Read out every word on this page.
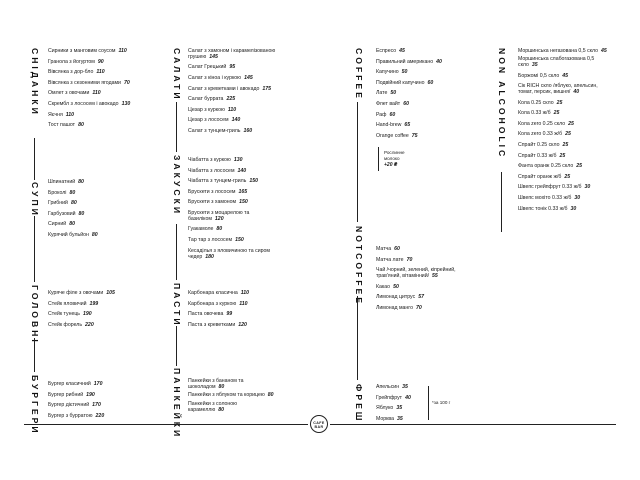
СНІДАНКИ
СУПИ
ГОЛОВНІ
БУРГЕРИ
Сирники з манговим соусом 110
Гранола з йогуртом 90
Вівсянка з дор-бло 110
Вівсянка з сезонними ягодами 70
Омлет з овочами 110
Скрембл з лососем і авокадо 130
Яєчня 110
Тост пашот 80
Шпинатний 80
Броколі 80
Грибний 80
Гарбузовий 80
Сирний 80
Курячий бульйон 80
Куряче філе з овочами 105
Стейк яловичий 199
Стейк тунець 190
Стейк форель 220
Бургер класичний 170
Бургер рибний 190
Бургер дієтичний 170
Бургер з бурратою 220
САЛАТИ
ЗАКУСКИ
ПАСТИ
ПАНКЕЙКИ
Салат з хамоном і карамелізованою грушею 145
Салат Грецький 95
Салат з кіноа і куркою 145
Салат з креветками і авокадо 175
Салат буррата 225
Цезар з куркою 110
Цезар з лососем 140
Салат з тунцем-гриль 160
Чіабатта з куркою 130
Чіабатта з лососем 140
Чіабатта з тунцем-гриль 150
Брускети з лососем 165
Брускети з хамоном 150
Брускети з моцарелою та базиліком 120
Гуакамоле 80
Тар тар з лососем 150
Кесаділья з яловичиною та сиром чедер 180
Карбонара класична 110
Карбонара з куркою 110
Паста овочева 99
Паста з креветками 120
Панкейки з бананом та шоколадом 80
Панкейки з яблуком та корицею 80
Панкейки з солоною карамеллю 80
COFFEE
NOTCOFFEE
ФРЕШ
Еспресо 45
Правильний американо 40
Капучино 50
Подвійний капучино 60
Лате 50
Флет вайт 60
Раф 60
Hand-brew 65
Orange coffee 75
Рослинне молоко
+20 ₴
Матча 60
Матча лате 70
Чай /чорний, зелений, кіпрейний, трав'яний, вітамінний/ 55
Какао 50
Лимонад цитрус 57
Лимонад манго 70
Апельсин 35
Грейпфрут 40
Яблуко 35
Морква 35
*за 100 г
NON ALCOHOLIC Моршинська негазована 0,5 скло 45
Моршинська слабогазована 0,5 скло 35
Боржомі 0,5 скло 45
Сік RICH скло /яблуко, апельсин, томат, персик, вишня/ 40
Кола 0.25 скло 25
Кола 0.33 ж/б 25
Кола zero 0.25 скло 25
Кола zero 0.33 ж/б 25
Спрайт 0.25 скло 25
Спрайт 0.33 ж/б 25
Фанта оранж 0.25 скло 25
Спрайт оранж ж/б 25
Швепс грейпфрут 0.33 ж/б 30
Швепс мохіто 0.33 ж/б 30
Швепс тонік 0.33 ж/б 30
CAFE
BAR
